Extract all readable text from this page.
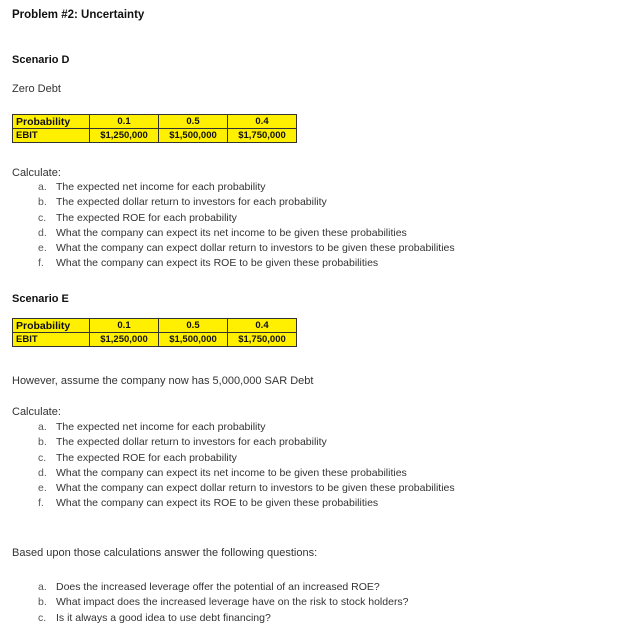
Problem #2: Uncertainty
Scenario D
Zero Debt
Probability	0.1	0.5	0.4
EBIT	$1,250,000	$1,500,000	$1,750,000
Calculate:
a. The expected net income for each probability
b. The expected dollar return to investors for each probability
c. The expected ROE for each probability
d. What the company can expect its net income to be given these probabilities
e. What the company can expect dollar return to investors to be given these probabilities
f. What the company can expect its ROE to be given these probabilities
Scenario E
Probability	0.1	0.5	0.4
EBIT	$1,250,000	$1,500,000	$1,750,000
However, assume the company now has 5,000,000 SAR Debt
Calculate:
a. The expected net income for each probability
b. The expected dollar return to investors for each probability
c. The expected ROE for each probability
d. What the company can expect its net income to be given these probabilities
e. What the company can expect dollar return to investors to be given these probabilities
f. What the company can expect its ROE to be given these probabilities
Based upon those calculations answer the following questions:
a. Does the increased leverage offer the potential of an increased ROE?
b. What impact does the increased leverage have on the risk to stock holders?
c. Is it always a good idea to use debt financing?
